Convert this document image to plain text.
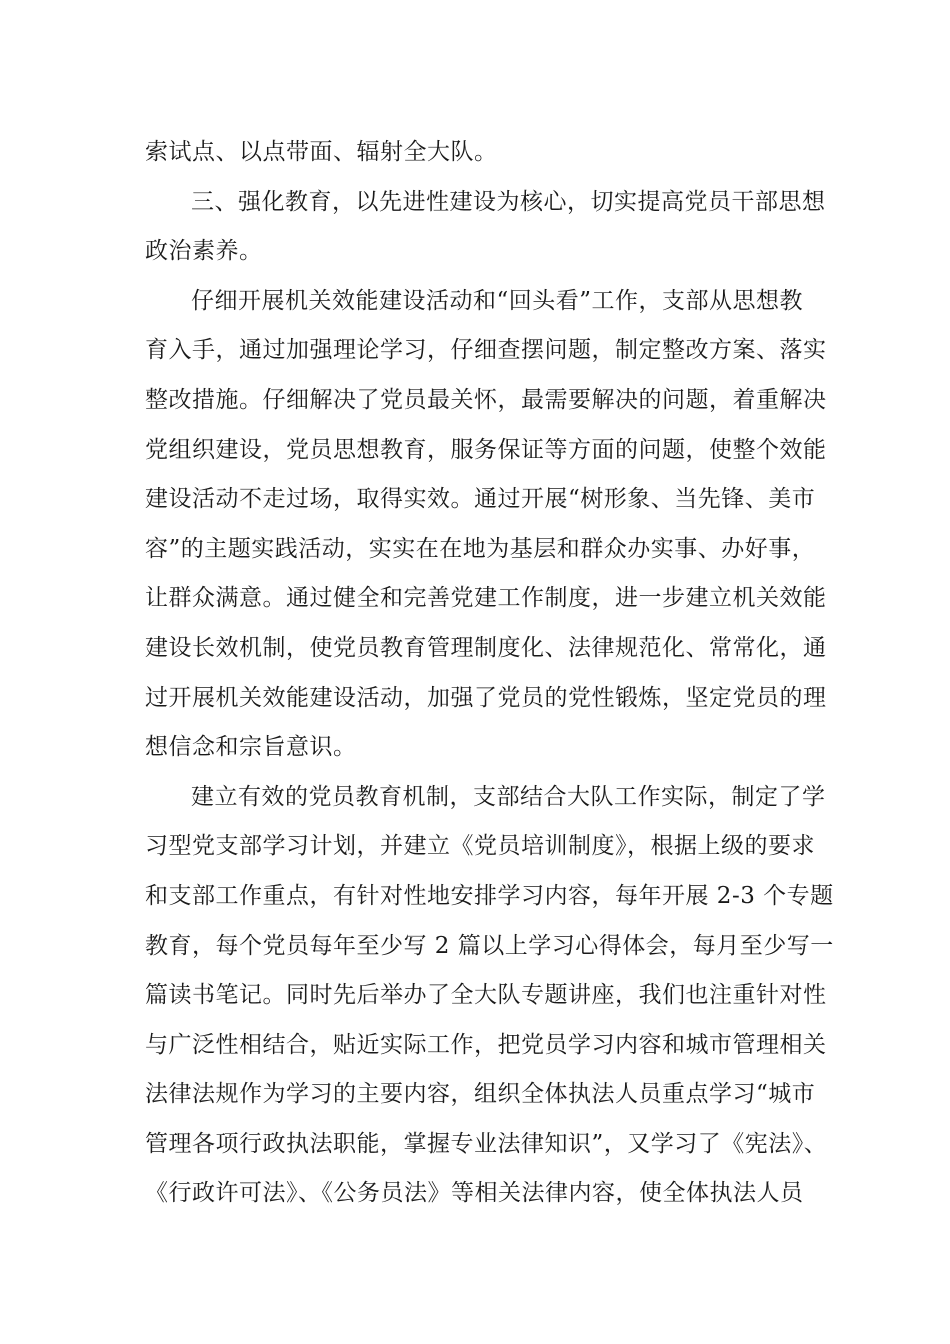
索试点、以点带面、辐射全大队。
三、强化教育，以先进性建设为核心，切实提高党员干部思想
政治素养。
仔细开展机关效能建设活动和“回头看”工作，支部从思想教
育入手，通过加强理论学习，仔细查摆问题，制定整改方案、落实
整改措施。仔细解决了党员最关怀，最需要解决的问题，着重解决
党组织建设，党员思想教育，服务保证等方面的问题，使整个效能
建设活动不走过场，取得实效。通过开展“树形象、当先锋、美市
容”的主题实践活动，实实在在地为基层和群众办实事、办好事，
让群众满意。通过健全和完善党建工作制度，进一步建立机关效能
建设长效机制，使党员教育管理制度化、法律规范化、常常化，通
过开展机关效能建设活动，加强了党员的党性锻炼，坚定党员的理
想信念和宗旨意识。
建立有效的党员教育机制，支部结合大队工作实际，制定了学
习型党支部学习计划，并建立《党员培训制度》，根据上级的要求
和支部工作重点，有针对性地安排学习内容，每年开展 2-3 个专题
教育，每个党员每年至少写 2 篇以上学习心得体会，每月至少写一
篇读书笔记。同时先后举办了全大队专题讲座，我们也注重针对性
与广泛性相结合，贴近实际工作，把党员学习内容和城市管理相关
法律法规作为学习的主要内容，组织全体执法人员重点学习“城市
管理各项行政执法职能，掌握专业法律知识”，又学习了《宪法》、
《行政许可法》、《公务员法》等相关法律内容，使全体执法人员
